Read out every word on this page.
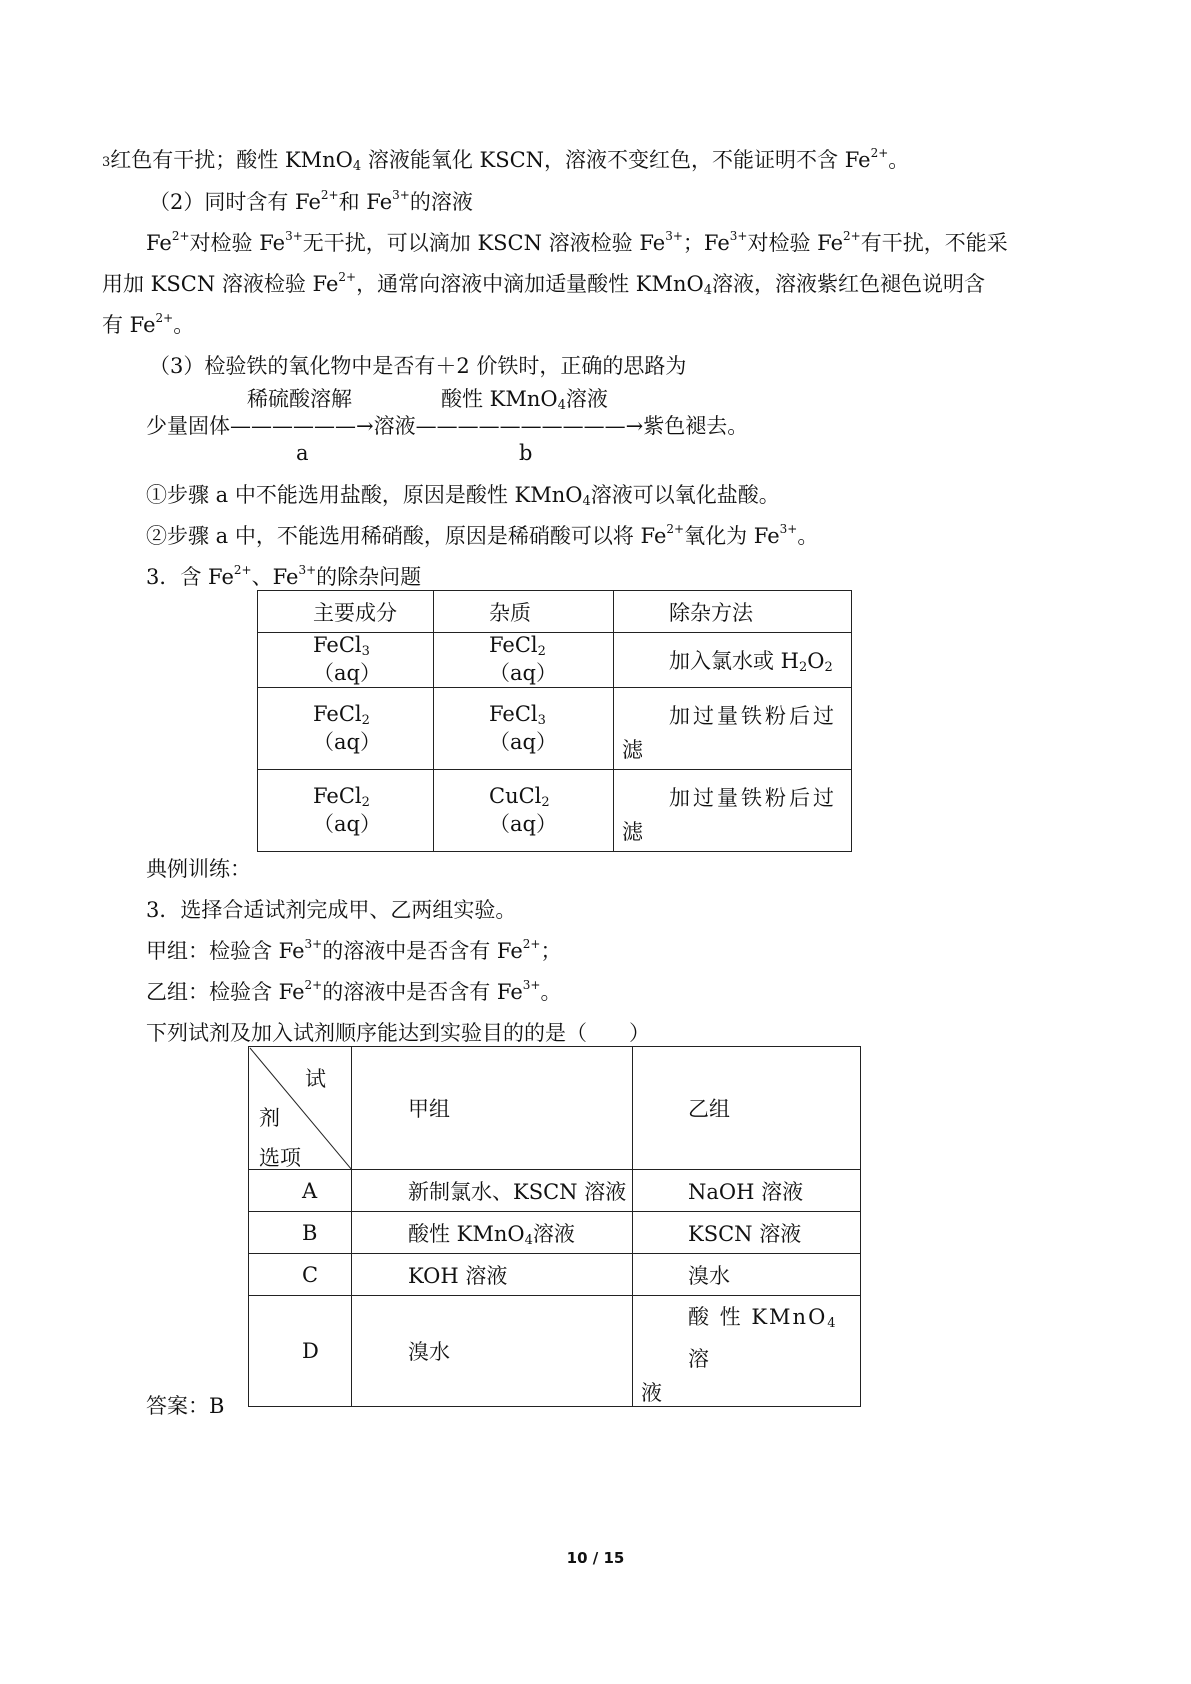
3红色有干扰；酸性 KMnO$_4$ 溶液能氧化 KSCN，溶液不变红色，不能证明不含 $Fe^{2+}$。
（2）同时含有 $Fe^{2+}$和 $Fe^{3+}$的溶液
$Fe^{2+}$对检验 $Fe^{3+}$无干扰，可以滴加 KSCN 溶液检验 $Fe^{3+}$；$Fe^{3+}$对检验 $Fe^{2+}$有干扰，不能采
用加 KSCN 溶液检验 $Fe^{2+}$，通常向溶液中滴加适量酸性 KMnO$_4$溶液，溶液紫红色褪色说明含
有 $Fe^{2+}$。
（3）检验铁的氧化物中是否有＋2 价铁时，正确的思路为
稀硫酸溶解	酸性 KMnO$_4$溶液
少量固体——————→溶液——————————→紫色褪去。
a	b
①步骤 a 中不能选用盐酸，原因是酸性 KMnO$_4$溶液可以氧化盐酸。
②步骤 a 中，不能选用稀硝酸，原因是稀硝酸可以将 $Fe^{2+}$氧化为 $Fe^{3+}$。
3．含 $Fe^{2+}$、$Fe^{3+}$的除杂问题
主要成分	杂质	除杂方法
FeCl$_3$（aq）	FeCl$_2$（aq）	加入氯水或 $H_2O_2$
FeCl$_2$（aq）	FeCl$_3$（aq）	加过量铁粉后过
滤

FeCl$_2$（aq）	CuCl$_2$（aq）	加过量铁粉后过
滤
典例训练：
3．选择合适试剂完成甲、乙两组实验。
甲组：检验含 $Fe^{3+}$的溶液中是否含有 $Fe^{2+}$；
乙组：检验含 $Fe^{2+}$的溶液中是否含有 $Fe^{3+}$。
下列试剂及加入试剂顺序能达到实验目的的是（　　）
试
剂
选项	甲组	乙组
A	新制氯水、KSCN 溶液	NaOH 溶液
B	酸性 KMnO$_4$溶液	KSCN 溶液
C	KOH 溶液	溴水
D	溴水	酸 性 KMnO$_4$ 溶
液
答案：B
10 / 15
